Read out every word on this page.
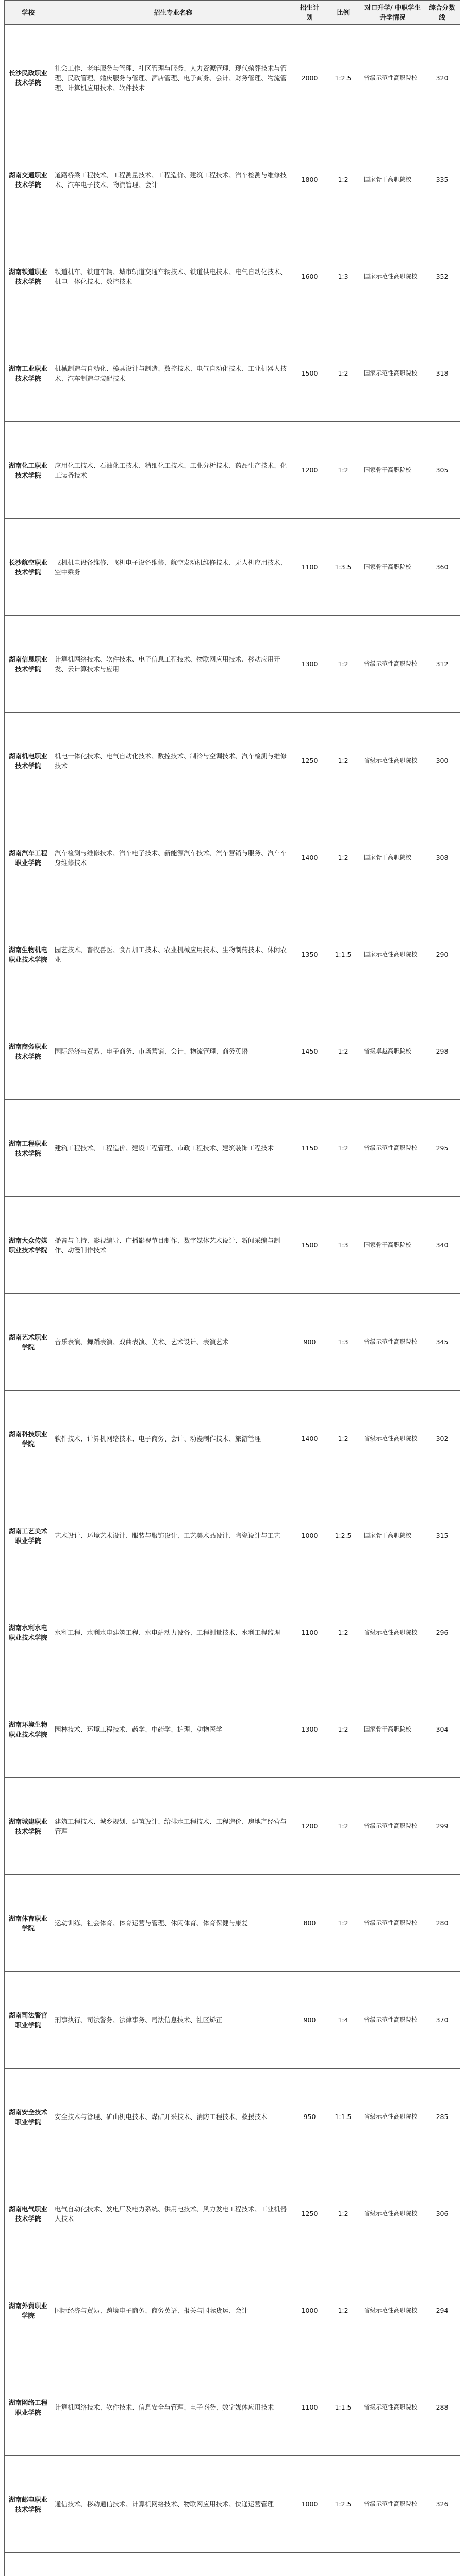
学校	招生专业名称	招生计划	比例	对口升学/ 中职学生 升学情况	综合分数线
长沙民政职业技术学院	社会工作、老年服务与管理、社区管理与服务、人力资源管理、现代殡葬技术与管理、民政管理、婚庆服务与管理、酒店管理、电子商务、会计、财务管理、物流管理、计算机应用技术、软件技术	2000	1:2.5	省级示范性高职院校	320
湖南交通职业技术学院	道路桥梁工程技术、工程测量技术、工程造价、建筑工程技术、汽车检测与维修技术、汽车电子技术、物流管理、会计	1800	1:2	国家骨干高职院校	335
湖南铁道职业技术学院	铁道机车、铁道车辆、城市轨道交通车辆技术、铁道供电技术、电气自动化技术、机电一体化技术、数控技术	1600	1:3	国家示范性高职院校	352
湖南工业职业技术学院	机械制造与自动化、模具设计与制造、数控技术、电气自动化技术、工业机器人技术、汽车制造与装配技术	1500	1:2	国家示范性高职院校	318
湖南化工职业技术学院	应用化工技术、石油化工技术、精细化工技术、工业分析技术、药品生产技术、化工装备技术	1200	1:2	国家骨干高职院校	305
长沙航空职业技术学院	飞机机电设备维修、飞机电子设备维修、航空发动机维修技术、无人机应用技术、空中乘务	1100	1:3.5	国家骨干高职院校	360
湖南信息职业技术学院	计算机网络技术、软件技术、电子信息工程技术、物联网应用技术、移动应用开发、云计算技术与应用	1300	1:2	省级示范性高职院校	312
湖南机电职业技术学院	机电一体化技术、电气自动化技术、数控技术、制冷与空调技术、汽车检测与维修技术	1250	1:2	省级示范性高职院校	300
湖南汽车工程职业学院	汽车检测与维修技术、汽车电子技术、新能源汽车技术、汽车营销与服务、汽车车身维修技术	1400	1:2	国家骨干高职院校	308
湖南生物机电职业技术学院	园艺技术、畜牧兽医、食品加工技术、农业机械应用技术、生物制药技术、休闲农业	1350	1:1.5	国家示范性高职院校	290
湖南商务职业技术学院	国际经济与贸易、电子商务、市场营销、会计、物流管理、商务英语	1450	1:2	省级卓越高职院校	298
湖南工程职业技术学院	建筑工程技术、工程造价、建设工程管理、市政工程技术、建筑装饰工程技术	1150	1:2	省级示范性高职院校	295
湖南大众传媒职业技术学院	播音与主持、影视编导、广播影视节目制作、数字媒体艺术设计、新闻采编与制作、动漫制作技术	1500	1:3	国家骨干高职院校	340
湖南艺术职业学院	音乐表演、舞蹈表演、戏曲表演、美术、艺术设计、表演艺术	900	1:3	省级示范性高职院校	345
湖南科技职业学院	软件技术、计算机网络技术、电子商务、会计、动漫制作技术、旅游管理	1400	1:2	省级示范性高职院校	302
湖南工艺美术职业学院	艺术设计、环境艺术设计、服装与服饰设计、工艺美术品设计、陶瓷设计与工艺	1000	1:2.5	国家骨干高职院校	315
湖南水利水电职业技术学院	水利工程、水利水电建筑工程、水电站动力设备、工程测量技术、水利工程监理	1100	1:2	省级示范性高职院校	296
湖南环境生物职业技术学院	园林技术、环境工程技术、药学、中药学、护理、动物医学	1300	1:2	国家骨干高职院校	304
湖南城建职业技术学院	建筑工程技术、城乡规划、建筑设计、给排水工程技术、工程造价、房地产经营与管理	1200	1:2	省级示范性高职院校	299
湖南体育职业学院	运动训练、社会体育、体育运营与管理、休闲体育、体育保健与康复	800	1:2	省级示范性高职院校	280
湖南司法警官职业学院	刑事执行、司法警务、法律事务、司法信息技术、社区矫正	900	1:4	省级示范性高职院校	370
湖南安全技术职业学院	安全技术与管理、矿山机电技术、煤矿开采技术、消防工程技术、救援技术	950	1:1.5	省级示范性高职院校	285
湖南电气职业技术学院	电气自动化技术、发电厂及电力系统、供用电技术、风力发电工程技术、工业机器人技术	1250	1:2	省级示范性高职院校	306
湖南外贸职业学院	国际经济与贸易、跨境电子商务、商务英语、报关与国际货运、会计	1000	1:2	省级示范性高职院校	294
湖南网络工程职业学院	计算机网络技术、软件技术、信息安全与管理、电子商务、数字媒体应用技术	1100	1:1.5	省级示范性高职院校	288
湖南邮电职业技术学院	通信技术、移动通信技术、计算机网络技术、物联网应用技术、快递运营管理	1000	1:2.5	省级示范性高职院校	326
